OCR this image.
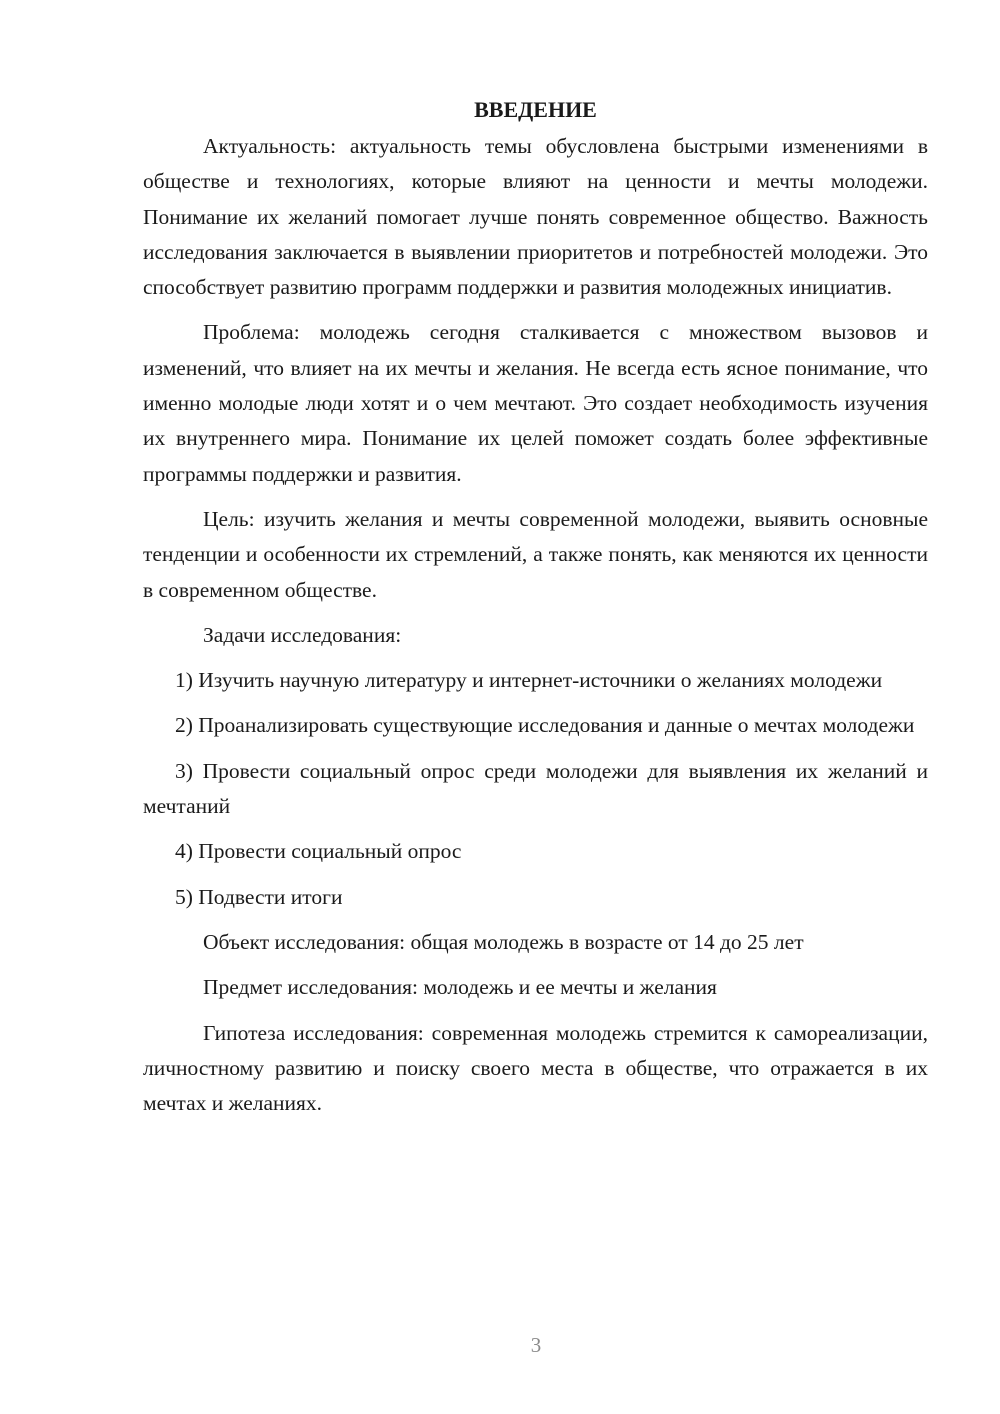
ВВЕДЕНИЕ

Актуальность: актуальность темы обусловлена быстрыми изменениями в обществе и технологиях, которые влияют на ценности и мечты молодежи. Понимание их желаний помогает лучше понять современное общество. Важность исследования заключается в выявлении приоритетов и потребностей молодежи. Это способствует развитию программ поддержки и развития молодежных инициатив.

Проблема: молодежь сегодня сталкивается с множеством вызовов и изменений, что влияет на их мечты и желания. Не всегда есть ясное понимание, что именно молодые люди хотят и о чем мечтают. Это создает необходимость изучения их внутреннего мира. Понимание их целей поможет создать более эффективные программы поддержки и развития.

Цель: изучить желания и мечты современной молодежи, выявить основные тенденции и особенности их стремлений, а также понять, как меняются их ценности в современном обществе.

Задачи исследования:

1) Изучить научную литературу и интернет-источники о желаниях молодежи

2) Проанализировать существующие исследования и данные о мечтах молодежи

3) Провести социальный опрос среди молодежи для выявления их желаний и мечтаний

4) Провести социальный опрос

5) Подвести итоги

Объект исследования: общая молодежь в возрасте от 14 до 25 лет

Предмет исследования: молодежь и ее мечты и желания

Гипотеза исследования: современная молодежь стремится к самореализации, личностному развитию и поиску своего места в обществе, что отражается в их мечтах и желаниях.

3
